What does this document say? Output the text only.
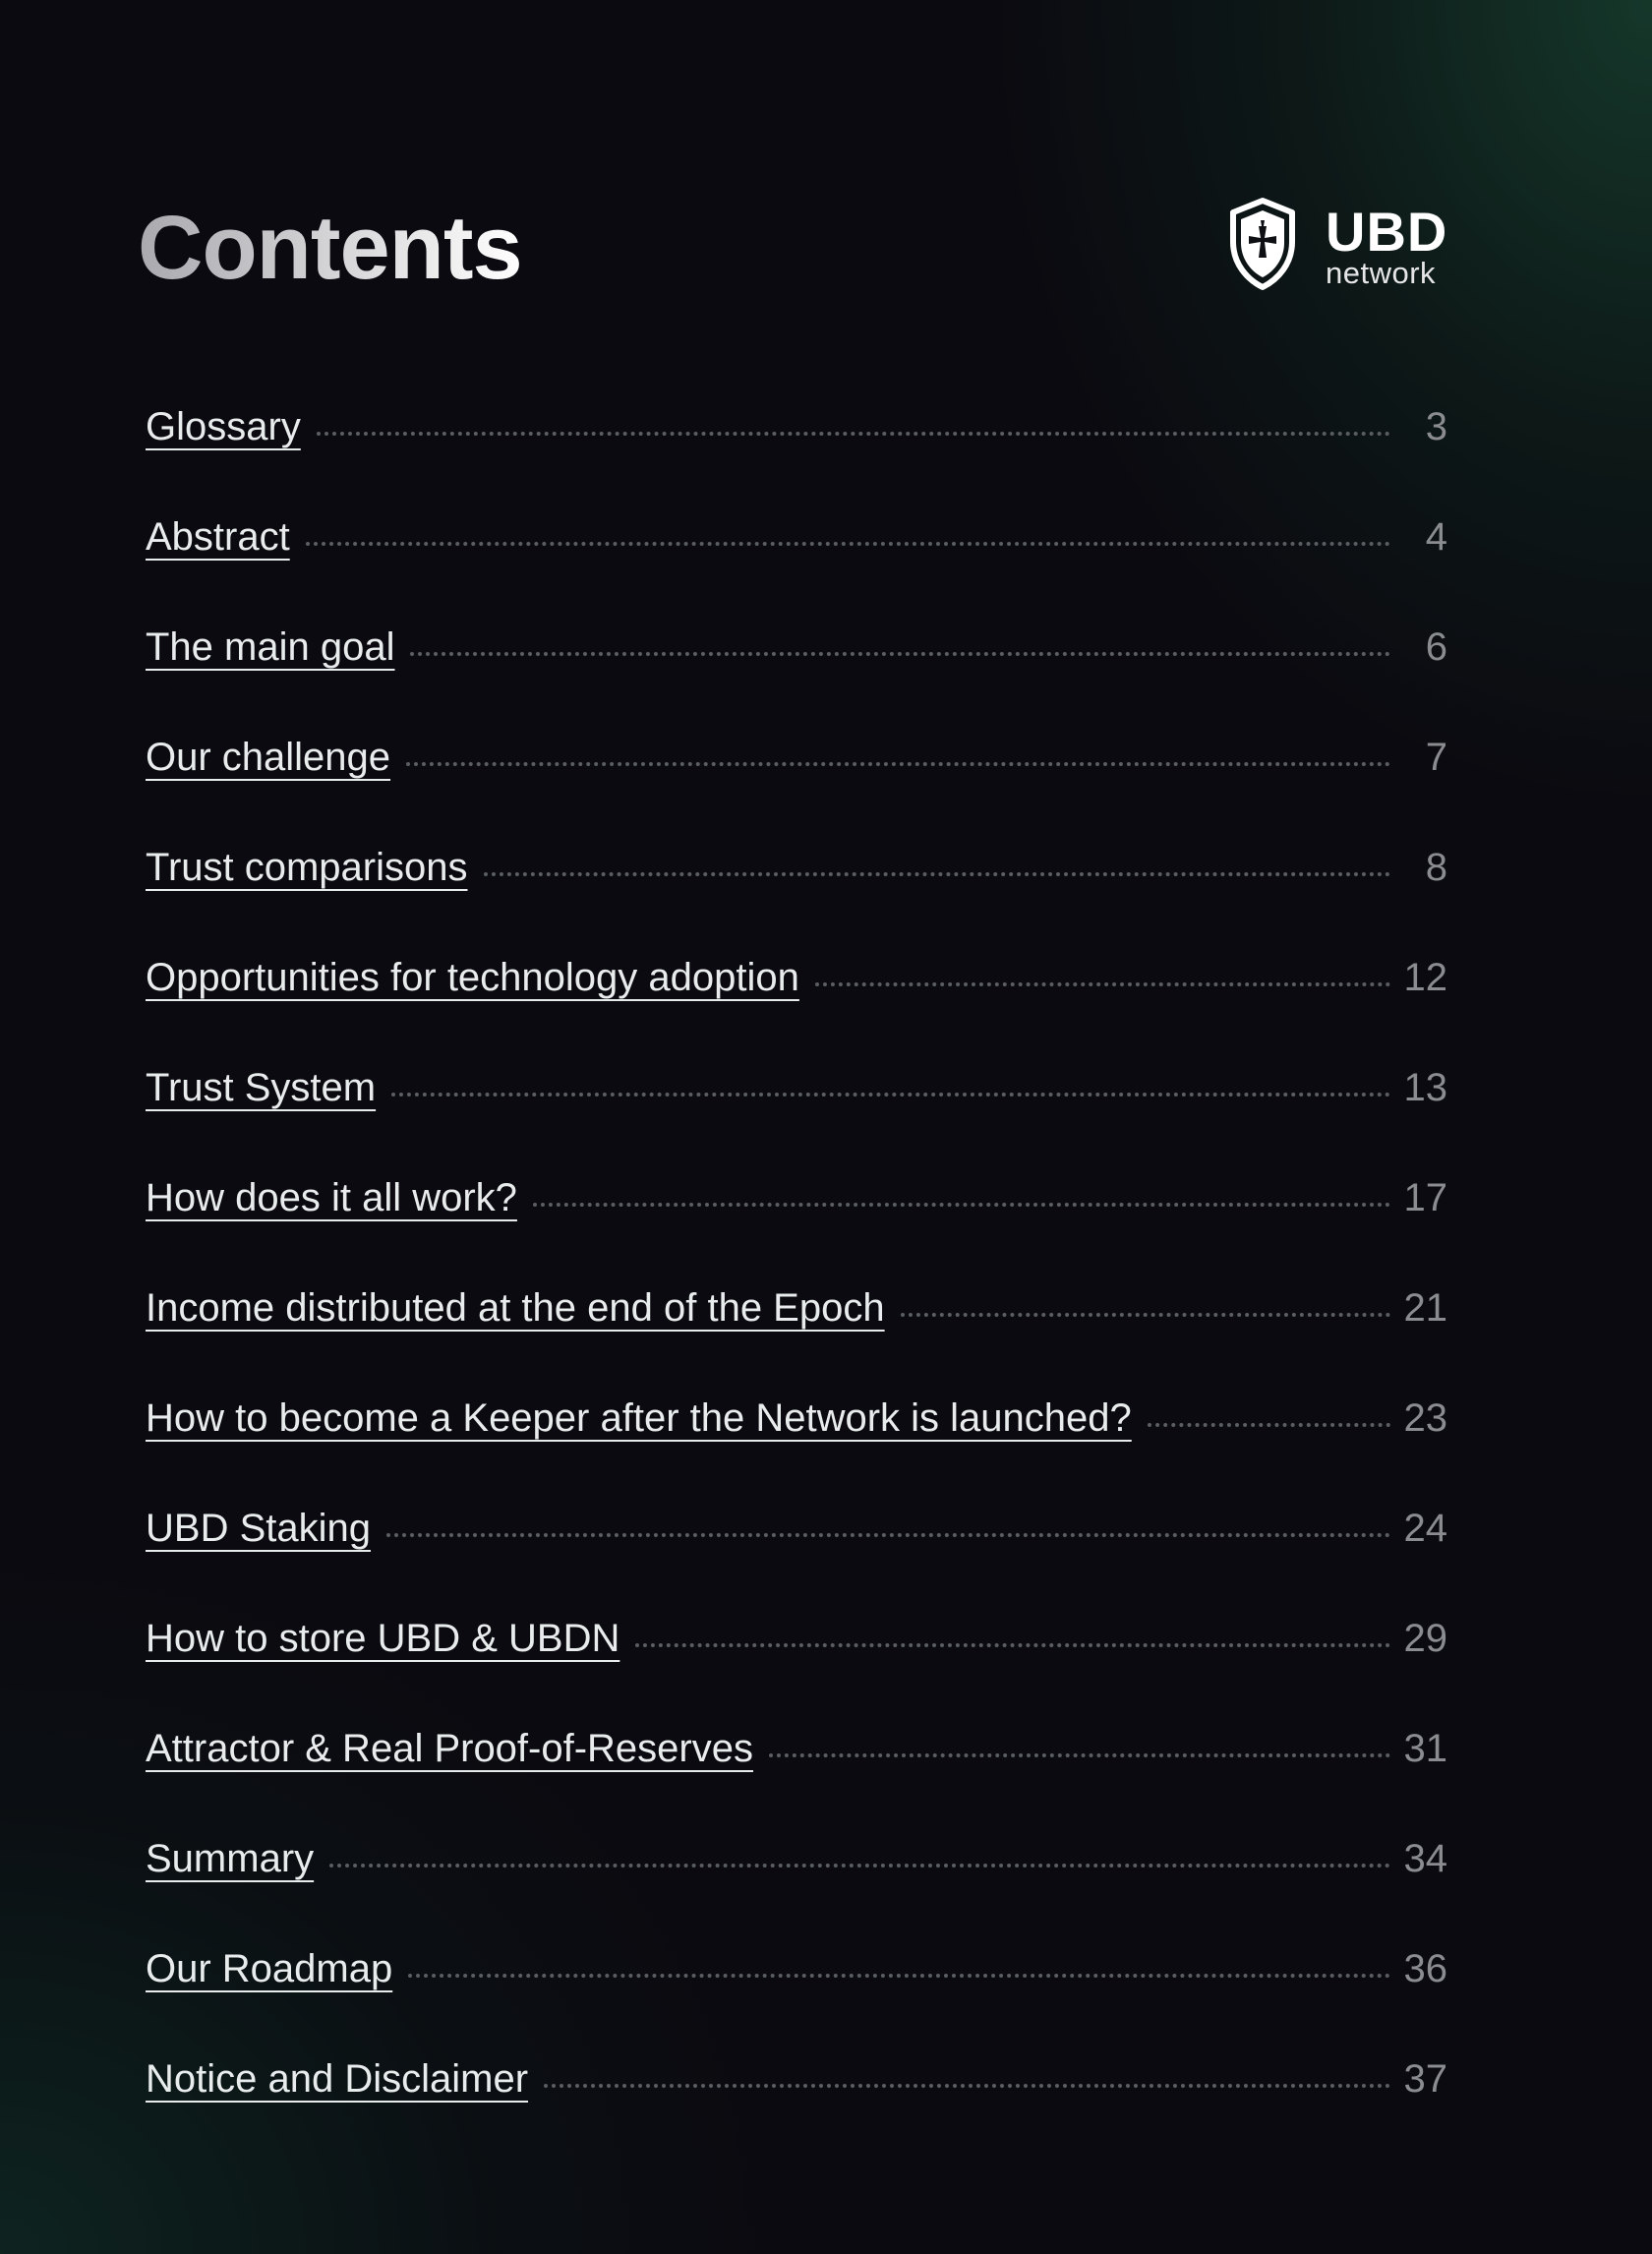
Contents	UBD
network
Glossary	3
Abstract	4
The main goal	6
Our challenge	7
Trust comparisons	8
Opportunities for technology adoption	12
Trust System	13
How does it all work?	17
Income distributed at the end of the Epoch	21
How to become a Keeper after the Network is launched?	23
UBD Staking	24
How to store UBD & UBDN	29
Attractor & Real Proof-of-Reserves	31
Summary	34
Our Roadmap	36
Notice and Disclaimer	37
